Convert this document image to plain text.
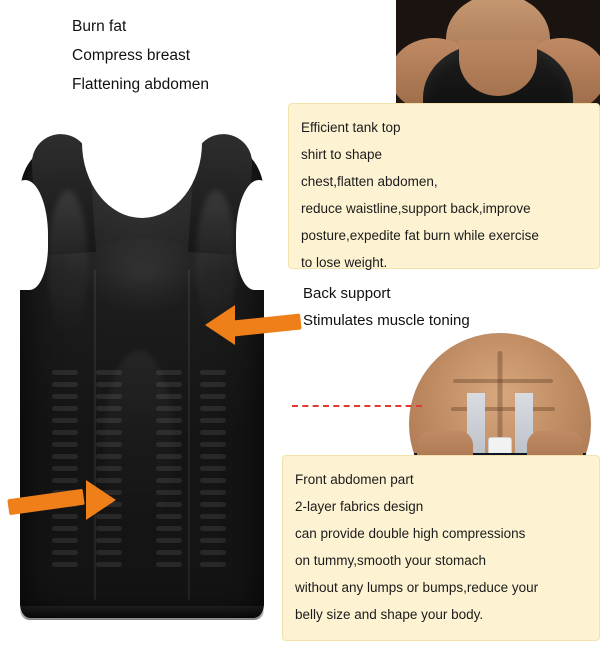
Burn fat
Compress breast
Flattening abdomen

Efficient tank top

shirt to shape

chest,flatten abdomen,

reduce waistline,support back,improve

posture,expedite fat burn while exercise

to lose weight.

Back support
Stimulates muscle toning

Front abdomen part

2-layer fabrics design

can provide double high compressions

on tummy,smooth your stomach

without any lumps or bumps,reduce your

belly size and shape your body.
